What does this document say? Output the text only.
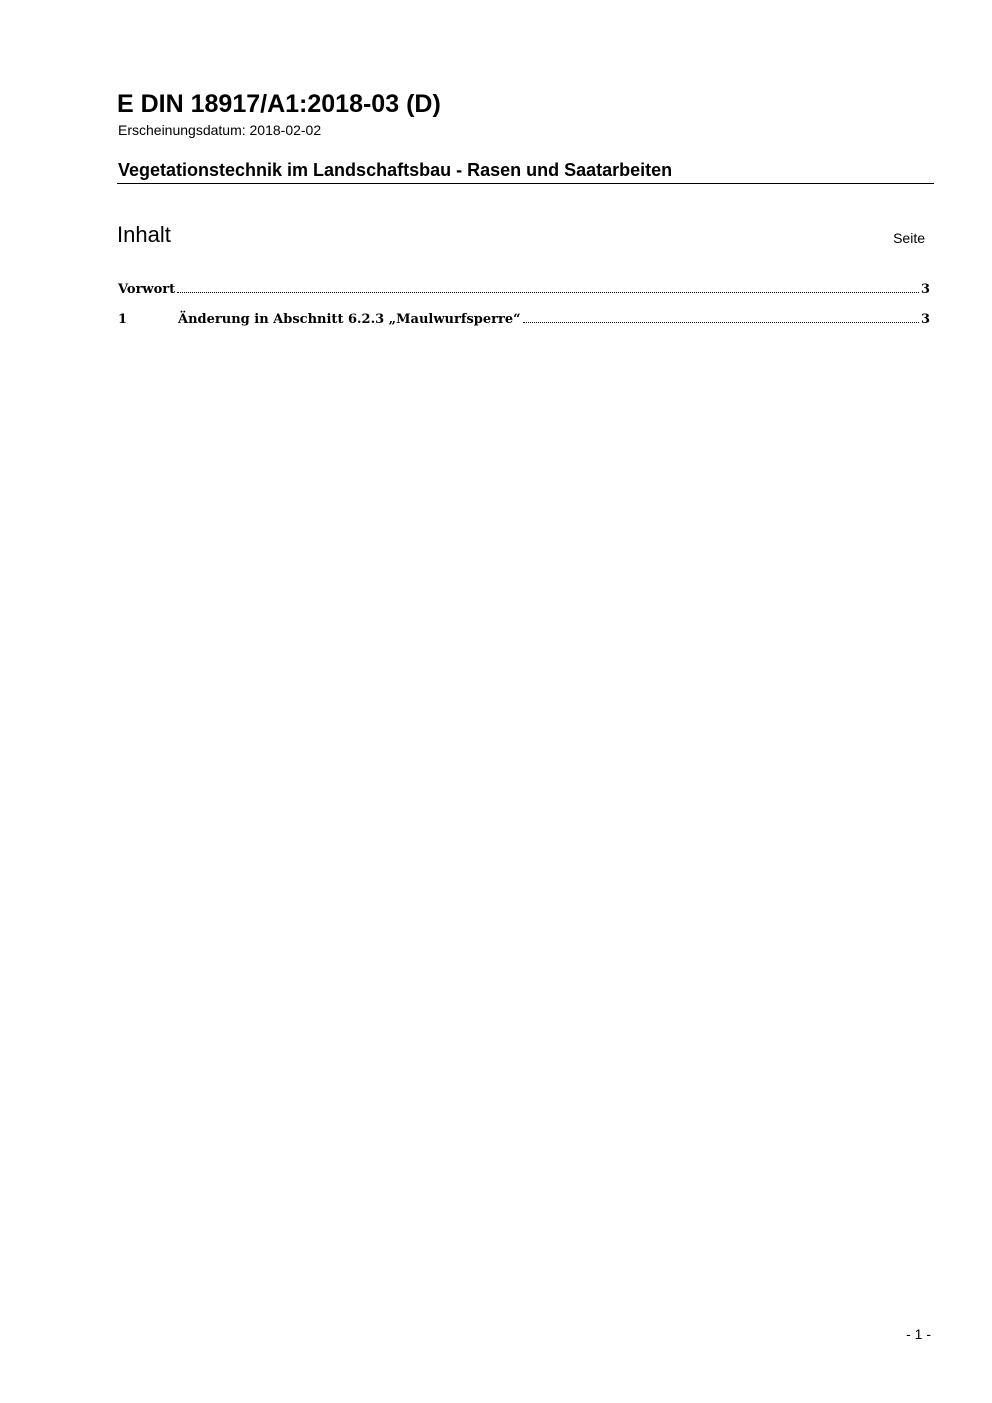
E DIN 18917/A1:2018-03 (D)
Erscheinungsdatum: 2018-02-02
Vegetationstechnik im Landschaftsbau - Rasen und Saatarbeiten
Inhalt	Seite
Vorwort	3
1	Änderung in Abschnitt 6.2.3 „Maulwurfsperre“	3
- 1 -
